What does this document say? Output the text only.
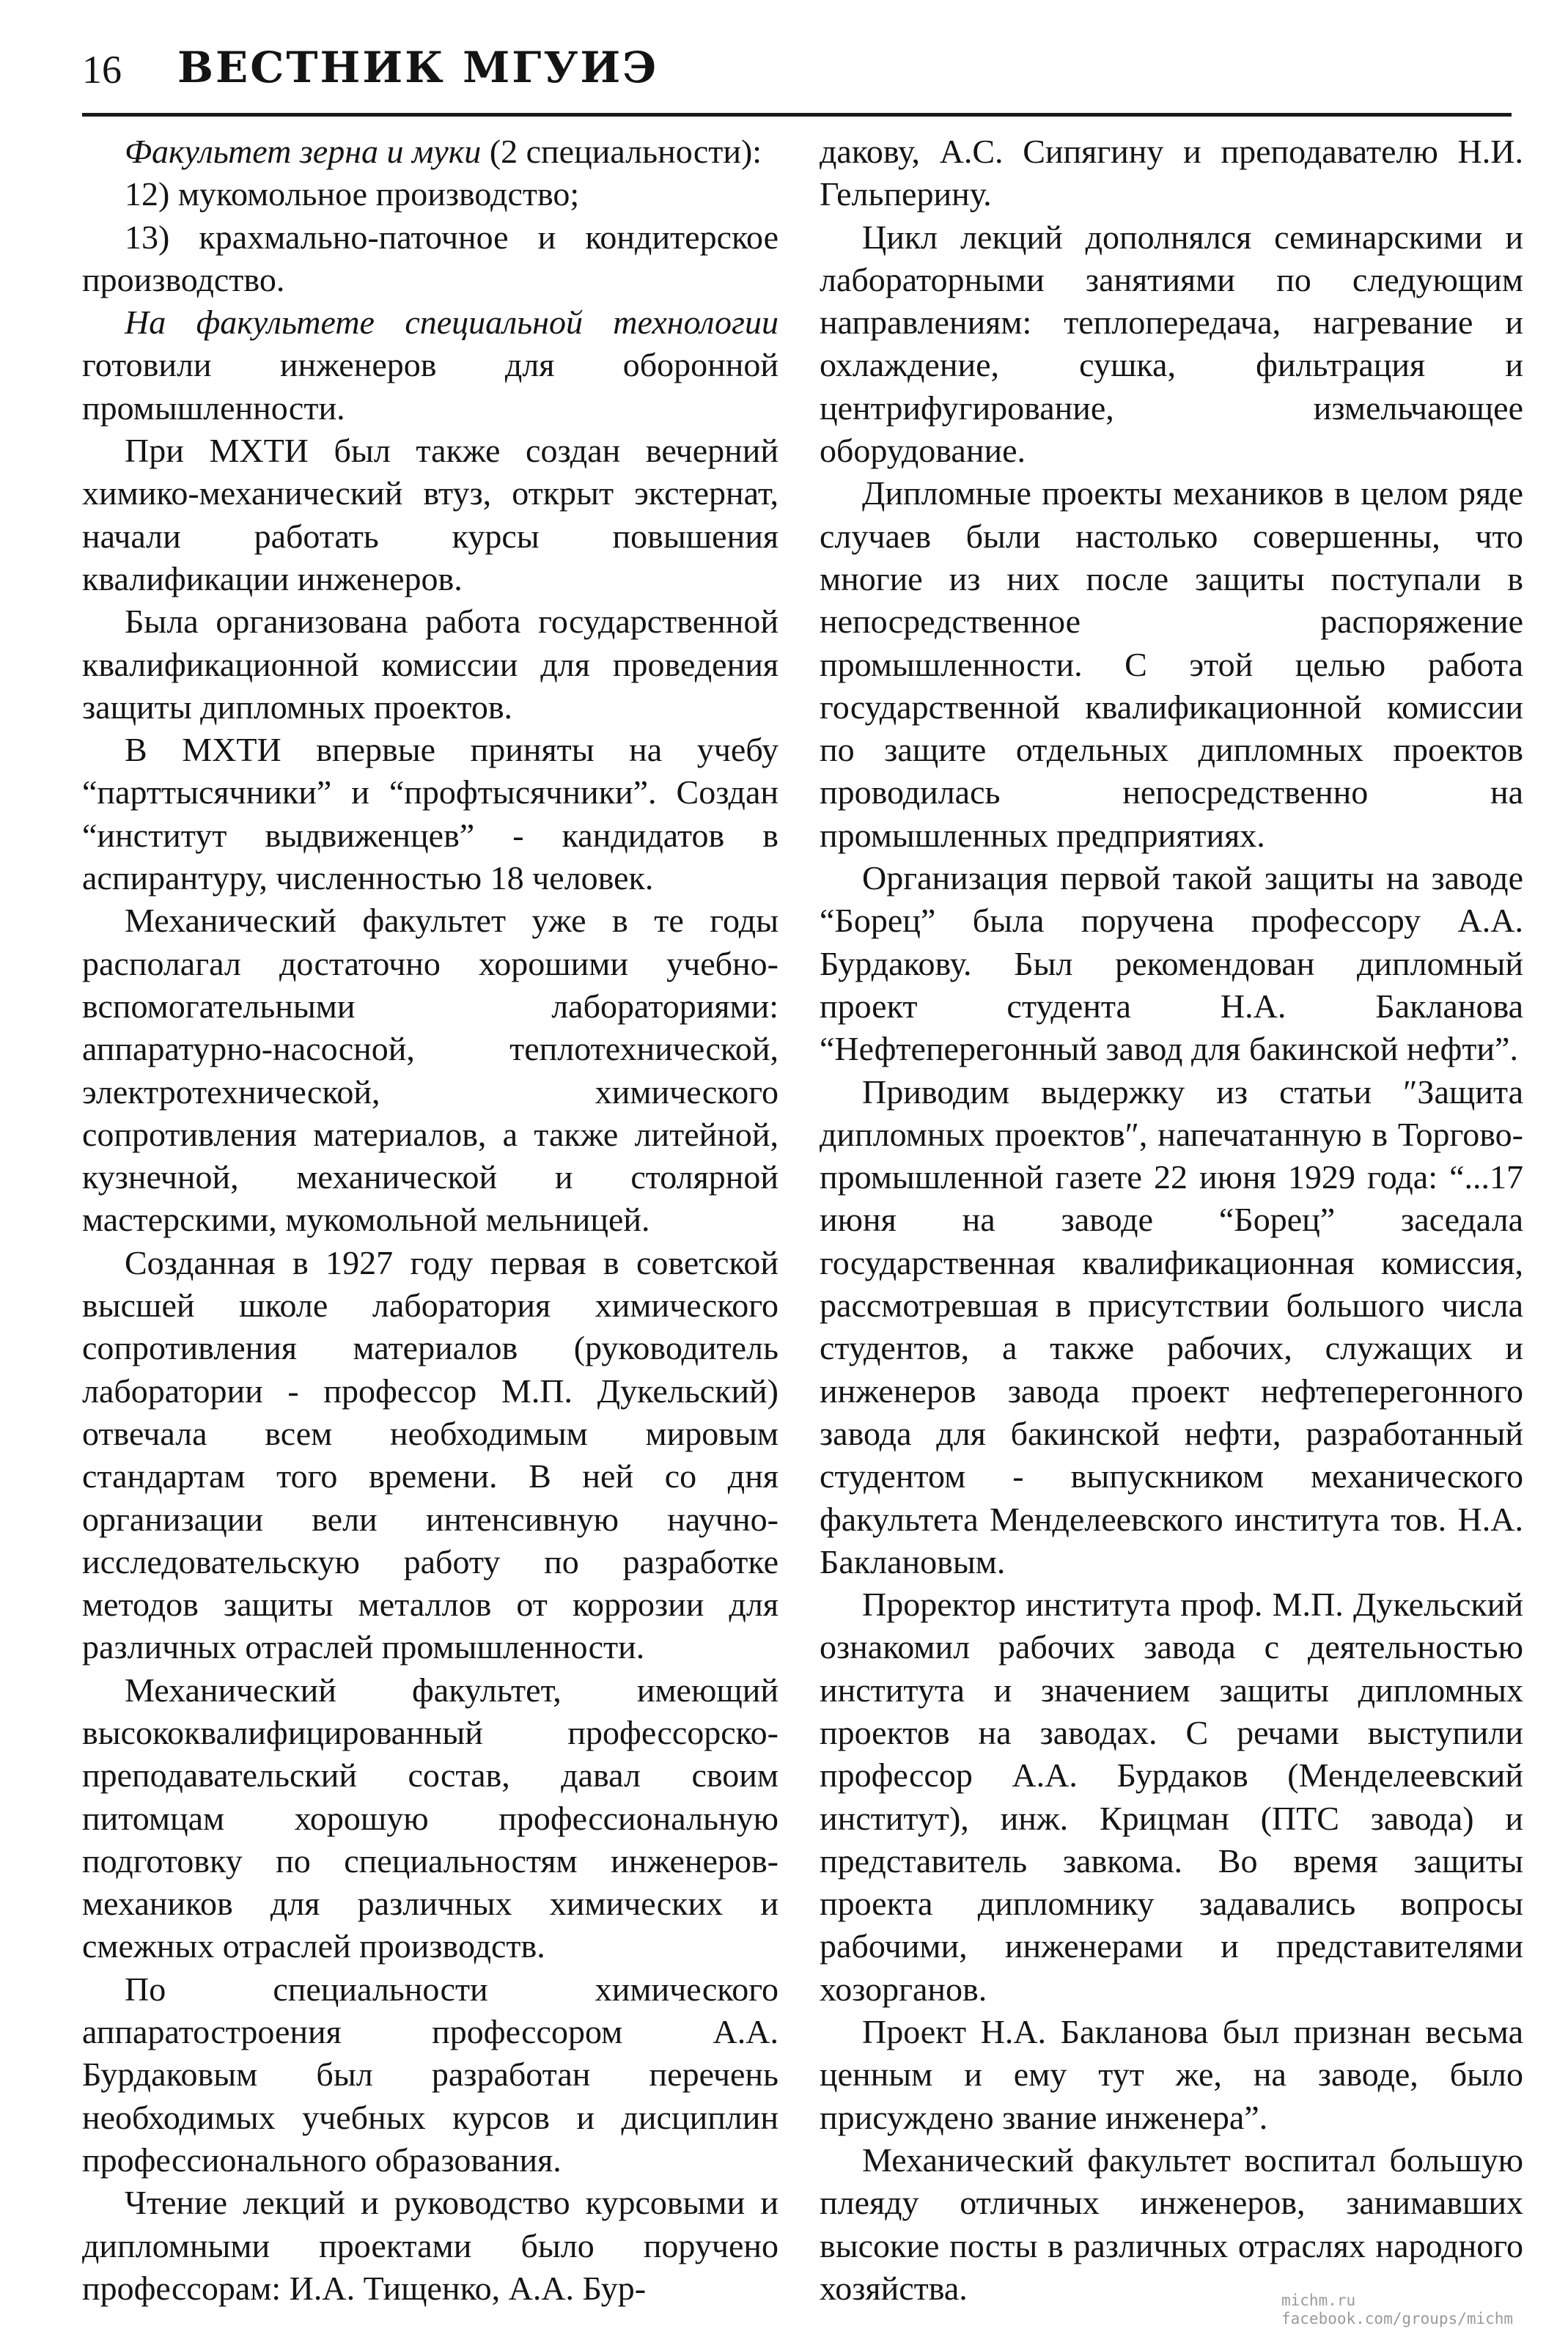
16 ВЕСТНИК МГУИЭ

Факультет зерна и муки (2 специальности):

12) мукомольное производство;

13) крахмально-паточное и кондитерское производство.

На факультете специальной технологии готовили инженеров для оборонной промышленности.

При МХТИ был также создан вечерний химико-механический втуз, открыт экстернат, начали работать курсы повышения квалификации инженеров.

Была организована работа государственной квалификационной комиссии для проведения защиты дипломных проектов.

В МХТИ впервые приняты на учебу “парттысячники” и “профтысячники”. Создан “институт выдвиженцев” - кандидатов в аспирантуру, численностью 18 человек.

Механический факультет уже в те годы располагал достаточно хорошими учебно-вспомогательными лабораториями: аппаратурно-насосной, теплотехнической, электротехнической, химического сопротивления материалов, а также литейной, кузнечной, механической и столярной мастерскими, мукомольной мельницей.

Созданная в 1927 году первая в советской высшей школе лаборатория химического сопротивления материалов (руководитель лаборатории - профессор М.П. Дукельский) отвечала всем необходимым мировым стандартам того времени. В ней со дня организации вели интенсивную научно-исследовательскую работу по разработке методов защиты металлов от коррозии для различных отраслей промышленности.

Механический факультет, имеющий высококвалифицированный профессорско-преподавательский состав, давал своим питомцам хорошую профессиональную подготовку по специальностям инженеров-механиков для различных химических и смежных отраслей производств.

По специальности химического аппаратостроения профессором А.А. Бурдаковым был разработан перечень необходимых учебных курсов и дисциплин профессионального образования.

Чтение лекций и руководство курсовыми и дипломными проектами было поручено профессорам: И.А. Тищенко, А.А. Бур-

дакову, А.С. Сипягину и преподавателю Н.И. Гельперину.

Цикл лекций дополнялся семинарскими и лабораторными занятиями по следующим направлениям: теплопередача, нагревание и охлаждение, сушка, фильтрация и центрифугирование, измельчающее оборудование.

Дипломные проекты механиков в целом ряде случаев были настолько совершенны, что многие из них после защиты поступали в непосредственное распоряжение промышленности. С этой целью работа государственной квалификационной комиссии по защите отдельных дипломных проектов проводилась непосредственно на промышленных предприятиях.

Организация первой такой защиты на заводе “Борец” была поручена профессору А.А. Бурдакову. Был рекомендован дипломный проект студента Н.А. Бакланова “Нефтеперегонный завод для бакинской нефти”.

Приводим выдержку из статьи ″Защита дипломных проектов″, напечатанную в Торгово-промышленной газете 22 июня 1929 года: “...17 июня на заводе “Борец” заседала государственная квалификационная комиссия, рассмотревшая в присутствии большого числа студентов, а также рабочих, служащих и инженеров завода проект нефтеперегонного завода для бакинской нефти, разработанный студентом - выпускником механического факультета Менделеевского института тов. Н.А. Баклановым.

Проректор института проф. М.П. Дукельский ознакомил рабочих завода с деятельностью института и значением защиты дипломных проектов на заводах. С речами выступили профессор А.А. Бурдаков (Менделеевский институт), инж. Крицман (ПТС завода) и представитель завкома. Во время защиты проекта дипломнику задавались вопросы рабочими, инженерами и представителями хозорганов.

Проект Н.А. Бакланова был признан весьма ценным и ему тут же, на заводе, было присуждено звание инженера”.

Механический факультет воспитал большую плеяду отличных инженеров, занимавших высокие посты в различных отраслях народного хозяйства.	michm.ru
facebook.com/groups/michm
